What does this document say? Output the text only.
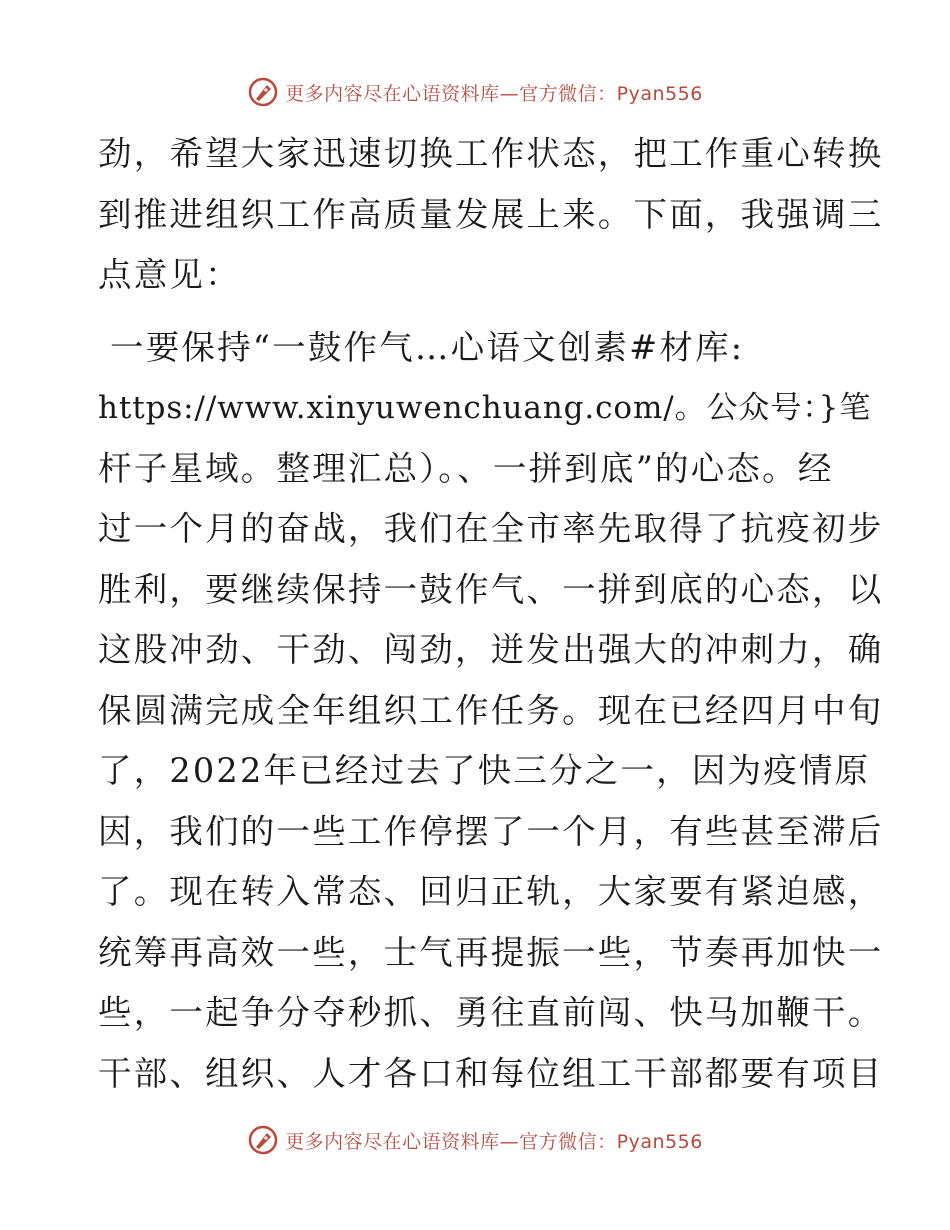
更多内容尽在心语资料库—官方微信：Pyan556
劲，希望大家迅速切换工作状态，把工作重心转换
到推进组织工作高质量发展上来。下面，我强调三
点意见：
一要保持“一鼓作气…心语文创素#材库:
https://www.xinyuwenchuang.com/。公众号：}笔
杆子星域。整理汇总）。、一拼到底”的心态。经
过一个月的奋战，我们在全市率先取得了抗疫初步
胜利，要继续保持一鼓作气、一拼到底的心态，以
这股冲劲、干劲、闯劲，迸发出强大的冲刺力，确
保圆满完成全年组织工作任务。现在已经四月中旬
了，2022年已经过去了快三分之一，因为疫情原
因，我们的一些工作停摆了一个月，有些甚至滞后
了。现在转入常态、回归正轨，大家要有紧迫感，
统筹再高效一些，士气再提振一些，节奏再加快一
些，一起争分夺秒抓、勇往直前闯、快马加鞭干。
干部、组织、人才各口和每位组工干部都要有项目
更多内容尽在心语资料库—官方微信：Pyan556
